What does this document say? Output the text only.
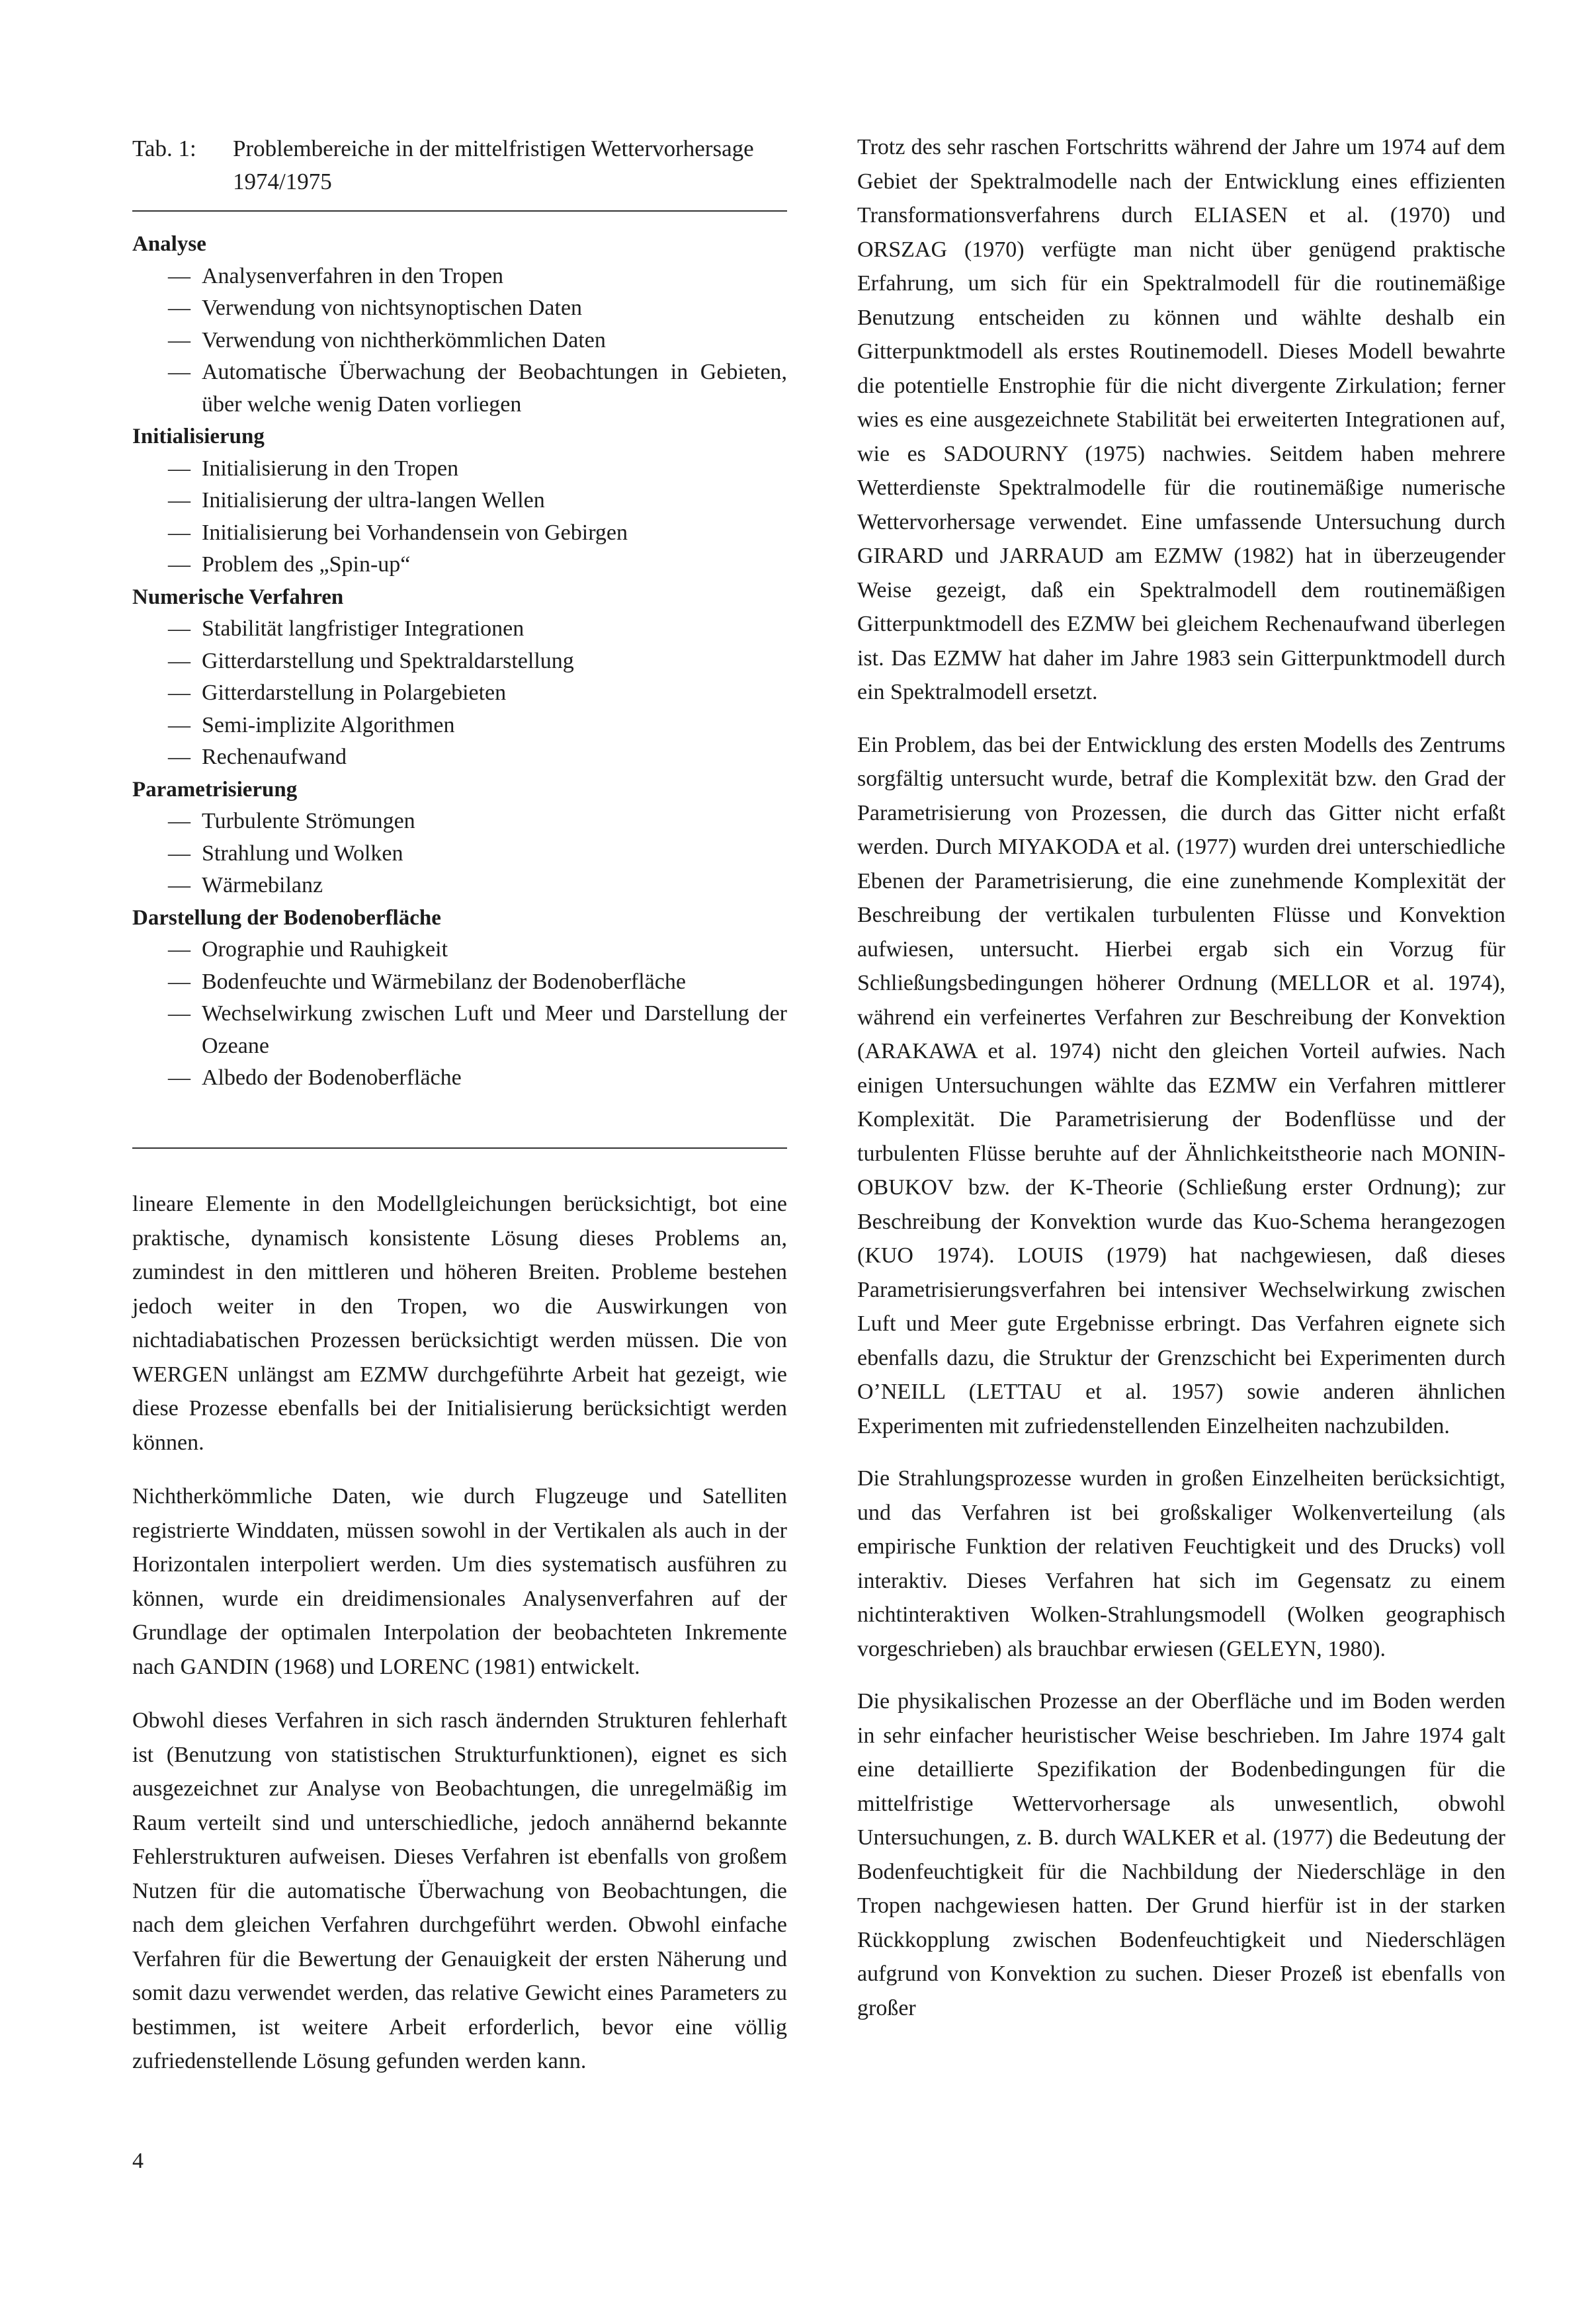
Tab. 1: Problembereiche in der mittelfristigen Wettervorhersage 1974/1975
Analyse
— Analysenverfahren in den Tropen
— Verwendung von nichtsynoptischen Daten
— Verwendung von nichtherkömmlichen Daten
— Automatische Überwachung der Beobachtungen in Gebieten, über welche wenig Daten vorliegen
Initialisierung
— Initialisierung in den Tropen
— Initialisierung der ultra-langen Wellen
— Initialisierung bei Vorhandensein von Gebirgen
— Problem des „Spin-up“
Numerische Verfahren
— Stabilität langfristiger Integrationen
— Gitterdarstellung und Spektraldarstellung
— Gitterdarstellung in Polargebieten
— Semi-implizite Algorithmen
— Rechenaufwand
Parametrisierung
— Turbulente Strömungen
— Strahlung und Wolken
— Wärmebilanz
Darstellung der Bodenoberfläche
— Orographie und Rauhigkeit
— Bodenfeuchte und Wärmebilanz der Bodenoberfläche
— Wechselwirkung zwischen Luft und Meer und Darstellung der Ozeane
— Albedo der Bodenoberfläche

lineare Elemente in den Modellgleichungen berücksichtigt, bot eine praktische, dynamisch konsistente Lösung dieses Problems an, zumindest in den mittleren und höheren Breiten. Probleme bestehen jedoch weiter in den Tropen, wo die Auswirkungen von nichtadiabatischen Prozessen berücksichtigt werden müssen. Die von WERGEN unlängst am EZMW durchgeführte Arbeit hat gezeigt, wie diese Prozesse ebenfalls bei der Initialisierung berücksichtigt werden können.

Nichtherkömmliche Daten, wie durch Flugzeuge und Satelliten registrierte Winddaten, müssen sowohl in der Vertikalen als auch in der Horizontalen interpoliert werden. Um dies systematisch ausführen zu können, wurde ein dreidimensionales Analysenverfahren auf der Grundlage der optimalen Interpolation der beobachteten Inkremente nach GANDIN (1968) und LORENC (1981) entwickelt.

Obwohl dieses Verfahren in sich rasch ändernden Strukturen fehlerhaft ist (Benutzung von statistischen Strukturfunktionen), eignet es sich ausgezeichnet zur Analyse von Beobachtungen, die unregelmäßig im Raum verteilt sind und unterschiedliche, jedoch annähernd bekannte Fehlerstrukturen aufweisen. Dieses Verfahren ist ebenfalls von großem Nutzen für die automatische Überwachung von Beobachtungen, die nach dem gleichen Verfahren durchgeführt werden. Obwohl einfache Verfahren für die Bewertung der Genauigkeit der ersten Näherung und somit dazu verwendet werden, das relative Gewicht eines Parameters zu bestimmen, ist weitere Arbeit erforderlich, bevor eine völlig zufriedenstellende Lösung gefunden werden kann.

Trotz des sehr raschen Fortschritts während der Jahre um 1974 auf dem Gebiet der Spektralmodelle nach der Entwicklung eines effizienten Transformationsverfahrens durch ELIASEN et al. (1970) und ORSZAG (1970) verfügte man nicht über genügend praktische Erfahrung, um sich für ein Spektralmodell für die routinemäßige Benutzung entscheiden zu können und wählte deshalb ein Gitterpunktmodell als erstes Routinemodell. Dieses Modell bewahrte die potentielle Enstrophie für die nicht divergente Zirkulation; ferner wies es eine ausgezeichnete Stabilität bei erweiterten Integrationen auf, wie es SADOURNY (1975) nachwies. Seitdem haben mehrere Wetterdienste Spektralmodelle für die routinemäßige numerische Wettervorhersage verwendet. Eine umfassende Untersuchung durch GIRARD und JARRAUD am EZMW (1982) hat in überzeugender Weise gezeigt, daß ein Spektralmodell dem routinemäßigen Gitterpunktmodell des EZMW bei gleichem Rechenaufwand überlegen ist. Das EZMW hat daher im Jahre 1983 sein Gitterpunktmodell durch ein Spektralmodell ersetzt.

Ein Problem, das bei der Entwicklung des ersten Modells des Zentrums sorgfältig untersucht wurde, betraf die Komplexität bzw. den Grad der Parametrisierung von Prozessen, die durch das Gitter nicht erfaßt werden. Durch MIYAKODA et al. (1977) wurden drei unterschiedliche Ebenen der Parametrisierung, die eine zunehmende Komplexität der Beschreibung der vertikalen turbulenten Flüsse und Konvektion aufwiesen, untersucht. Hierbei ergab sich ein Vorzug für Schließungsbedingungen höherer Ordnung (MELLOR et al. 1974), während ein verfeinertes Verfahren zur Beschreibung der Konvektion (ARAKAWA et al. 1974) nicht den gleichen Vorteil aufwies. Nach einigen Untersuchungen wählte das EZMW ein Verfahren mittlerer Komplexität. Die Parametrisierung der Bodenflüsse und der turbulenten Flüsse beruhte auf der Ähnlichkeitstheorie nach MONIN-OBUKOV bzw. der K-Theorie (Schließung erster Ordnung); zur Beschreibung der Konvektion wurde das Kuo-Schema herangezogen (KUO 1974). LOUIS (1979) hat nachgewiesen, daß dieses Parametrisierungsverfahren bei intensiver Wechselwirkung zwischen Luft und Meer gute Ergebnisse erbringt. Das Verfahren eignete sich ebenfalls dazu, die Struktur der Grenzschicht bei Experimenten durch O’NEILL (LETTAU et al. 1957) sowie anderen ähnlichen Experimenten mit zufriedenstellenden Einzelheiten nachzubilden.

Die Strahlungsprozesse wurden in großen Einzelheiten berücksichtigt, und das Verfahren ist bei großskaliger Wolkenverteilung (als empirische Funktion der relativen Feuchtigkeit und des Drucks) voll interaktiv. Dieses Verfahren hat sich im Gegensatz zu einem nichtinteraktiven Wolken-Strahlungsmodell (Wolken geographisch vorgeschrieben) als brauchbar erwiesen (GELEYN, 1980).

Die physikalischen Prozesse an der Oberfläche und im Boden werden in sehr einfacher heuristischer Weise beschrieben. Im Jahre 1974 galt eine detaillierte Spezifikation der Bodenbedingungen für die mittelfristige Wettervorhersage als unwesentlich, obwohl Untersuchungen, z. B. durch WALKER et al. (1977) die Bedeutung der Bodenfeuchtigkeit für die Nachbildung der Niederschläge in den Tropen nachgewiesen hatten. Der Grund hierfür ist in der starken Rückkopplung zwischen Bodenfeuchtigkeit und Niederschlägen aufgrund von Konvektion zu suchen. Dieser Prozeß ist ebenfalls von großer

4
